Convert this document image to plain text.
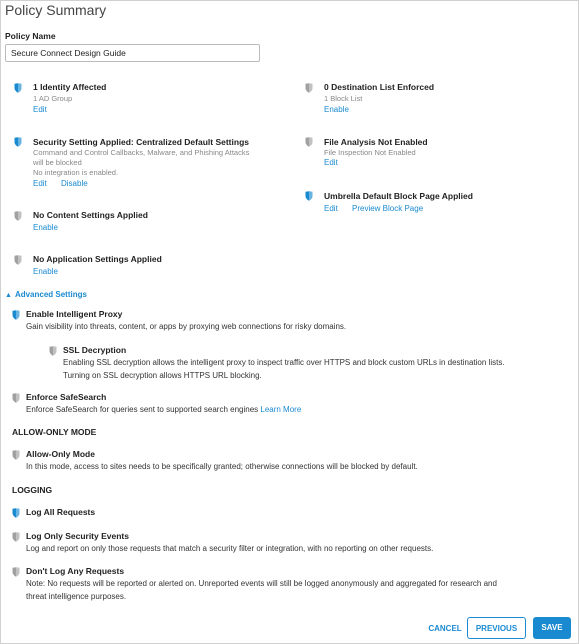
Policy Summary
Policy Name
Secure Connect Design Guide
1 Identity Affected
1 AD Group
Edit
Security Setting Applied: Centralized Default Settings
Command and Control Callbacks, Malware, and Phishing Attacks
will be blocked
No integration is enabled.
Edit Disable
No Content Settings Applied
Enable
No Application Settings Applied
Enable
0 Destination List Enforced
1 Block List
Enable
File Analysis Not Enabled
File Inspection Not Enabled
Edit
Umbrella Default Block Page Applied
Edit Preview Block Page
▲ Advanced Settings
Enable Intelligent Proxy
Gain visibility into threats, content, or apps by proxying web connections for risky domains.
SSL Decryption
Enabling SSL decryption allows the intelligent proxy to inspect traffic over HTTPS and block custom URLs in destination lists.
Turning on SSL decryption allows HTTPS URL blocking.
Enforce SafeSearch
Enforce SafeSearch for queries sent to supported search engines Learn More
ALLOW-ONLY MODE
Allow-Only Mode
In this mode, access to sites needs to be specifically granted; otherwise connections will be blocked by default.
LOGGING
Log All Requests
Log Only Security Events
Log and report on only those requests that match a security filter or integration, with no reporting on other requests.
Don't Log Any Requests
Note: No requests will be reported or alerted on. Unreported events will still be logged anonymously and aggregated for research and
threat intelligence purposes.
CANCEL	PREVIOUS	SAVE
